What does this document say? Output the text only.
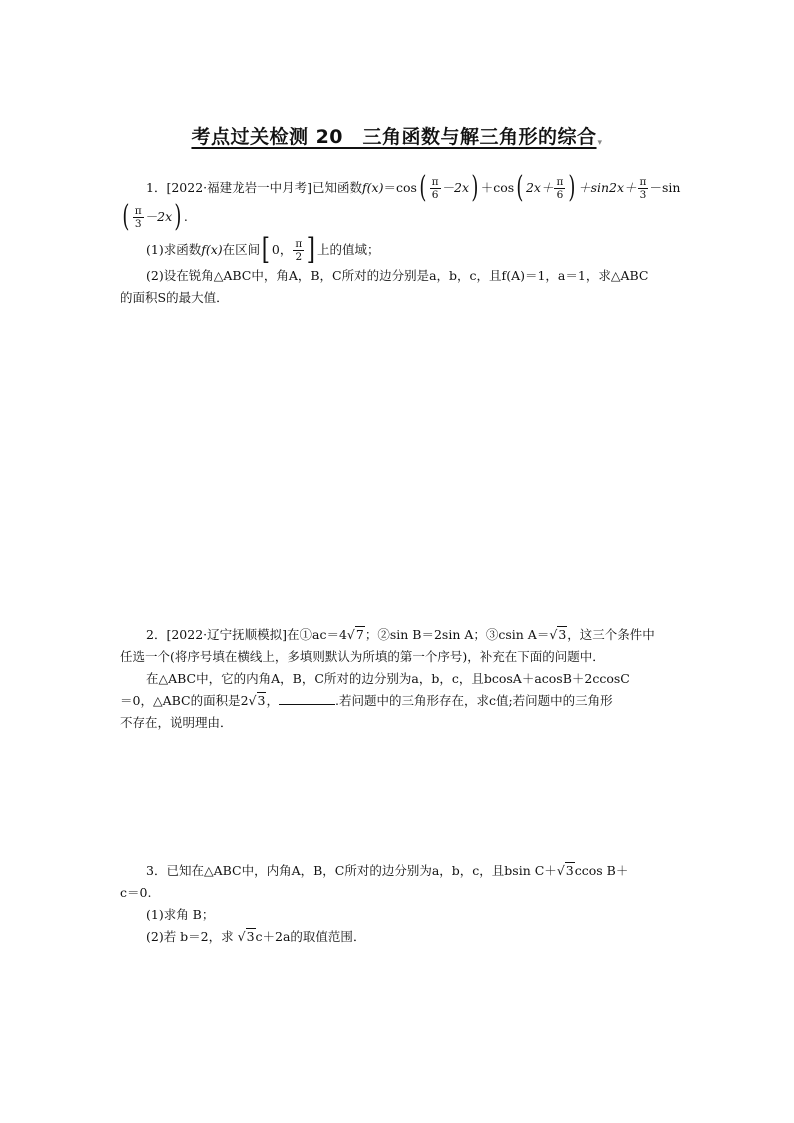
考点过关检测 20　三角函数与解三角形的综合▾
1．[2022·福建龙岩一中月考]已知函数$f(x)=\cos( \frac{\pi}{6} -2x) +\cos$( $2x+ \frac{\pi}{6}$ ) $+\sin 2x+ \frac{\pi}{3} -\sin$
( $\frac{\pi}{3} -2x$) .
(1)求函数f(x)在区间[ 0， $\frac{\pi}{2}$ ] 上的值域；
(2)设在锐角△ABC中，角A，B，C所对的边分别是a，b，c，且f(A)＝1，a＝1，求△ABC
的面积S的最大值．
2．[2022·辽宁抚顺模拟]在①ac＝4√7；②sin B＝2sin A；③csin A＝√3，这三个条件中
任选一个(将序号填在横线上，多填则默认为所填的第一个序号)，补充在下面的问题中．
在△ABC中，它的内角A，B，C所对的边分别为a，b，c，且bcosA＋acosB＋2ccosC
＝0，△ABC的面积是2√3，	.若问题中的三角形存在，求c值;若问题中的三角形
不存在，说明理由．
3．已知在△ABC中，内角A，B，C所对的边分别为a，b，c，且bsin C＋√3ccos B＋
c＝0.
(1)求角 B；
(2)若 b＝2，求 √3c＋2a的取值范围．
